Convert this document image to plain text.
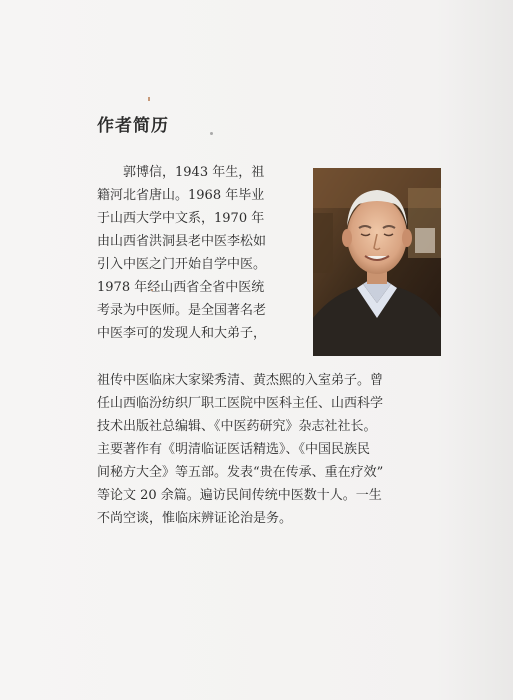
作者简历
　　郭博信，1943 年生，祖
籍河北省唐山。1968 年毕业
于山西大学中文系，1970 年
由山西省洪洞县老中医李松如
引入中医之门开始自学中医。
1978 年经山西省全省中医统
考录为中医师。是全国著名老
中医李可的发现人和大弟子，
祖传中医临床大家梁秀清、黄杰熙的入室弟子。曾
任山西临汾纺织厂职工医院中医科主任、山西科学
技术出版社总编辑、《中医药研究》杂志社社长。
主要著作有《明清临证医话精选》、《中国民族民
间秘方大全》等五部。发表“贵在传承、重在疗效”
等论文 20 余篇。遍访民间传统中医数十人。一生
不尚空谈，惟临床辨证论治是务。
